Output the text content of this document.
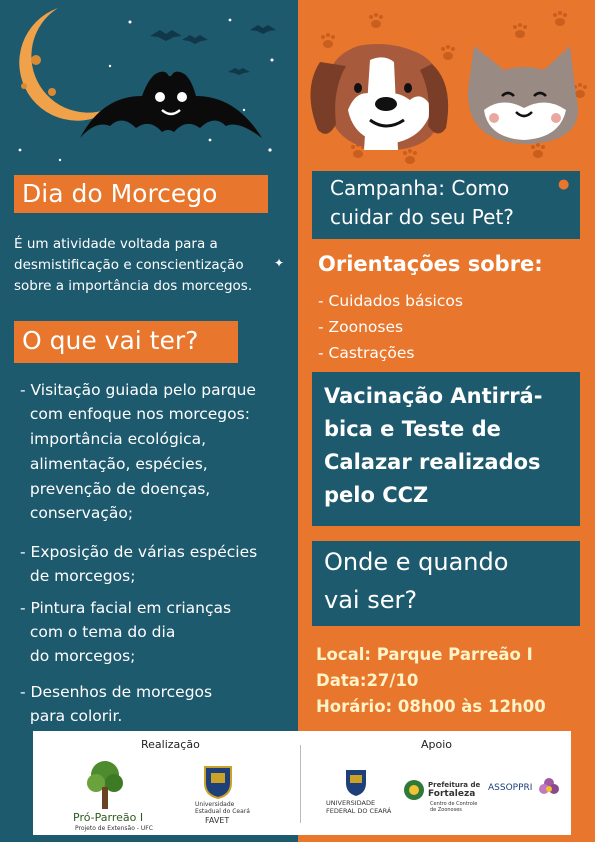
Dia do Morcego
É um atividade voltada para a
desmistificação e conscientização
sobre a importância dos morcegos.
✦
O que vai ter?
- Visitação guiada pelo parque
com enfoque nos morcegos:
importância ecológica,
alimentação, espécies,
prevenção de doenças,
conservação;
- Exposição de várias espécies
de morcegos;
- Pintura facial em crianças
com o tema do dia
do morcegos;
- Desenhos de morcegos
para colorir.
Campanha: Como
cuidar do seu Pet?
●
Orientações sobre:
- Cuidados básicos
- Zoonoses
- Castrações
Vacinação Antirrá-
bica e Teste de
Calazar realizados
pelo CCZ
Onde e quando
vai ser?
Local: Parque Parreão I
Data:27/10
Horário: 08h00 às 12h00
Realização	Apoio
Pró-Parreão I
Projeto de Extensão - UFC
Universidade
Estadual do Ceará
FAVET
UNIVERSIDADE
FEDERAL DO CEARÁ
Prefeitura de
Fortaleza
Centro de Controle
de Zoonoses
ASSOPPRI
